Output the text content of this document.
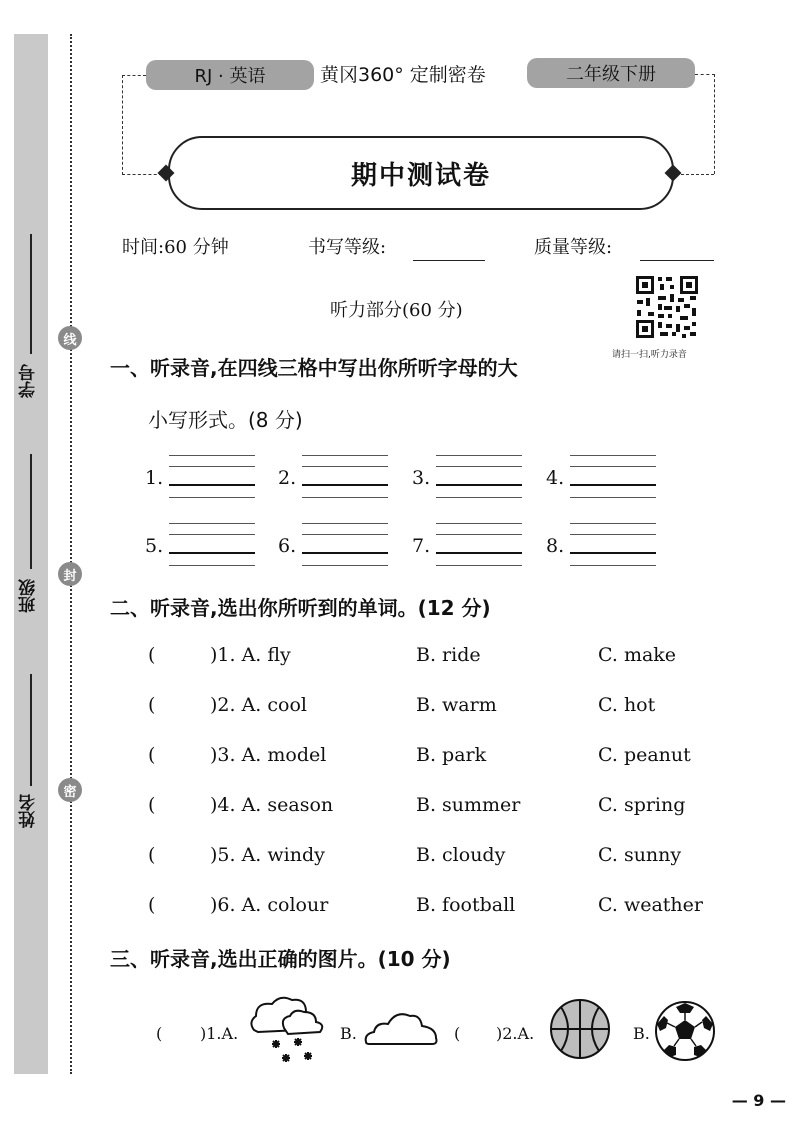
学号
班级
姓名
线
封
密
RJ · 英语	黄冈360° 定制密卷	二年级下册
期中测试卷
时间:60 分钟	书写等级:	质量等级:
听力部分(60 分)
请扫一扫,听力录音
一、听录音,在四线三格中写出你所听字母的大
小写形式。(8 分)
1.	2.	3.	4.
5.	6.	7.	8.
二、听录音,选出你所听到的单词。(12 分)
(	)1. A. fly	B. ride	C. make
(	)2. A. cool	B. warm	C. hot
(	)3. A. model	B. park	C. peanut
(	)4. A. season	B. summer	C. spring
(	)5. A. windy	B. cloudy	C. sunny
(	)6. A. colour	B. football	C. weather
三、听录音,选出正确的图片。(10 分)
( )1.A.	B.	( )2.A.	B.
— 9 —
